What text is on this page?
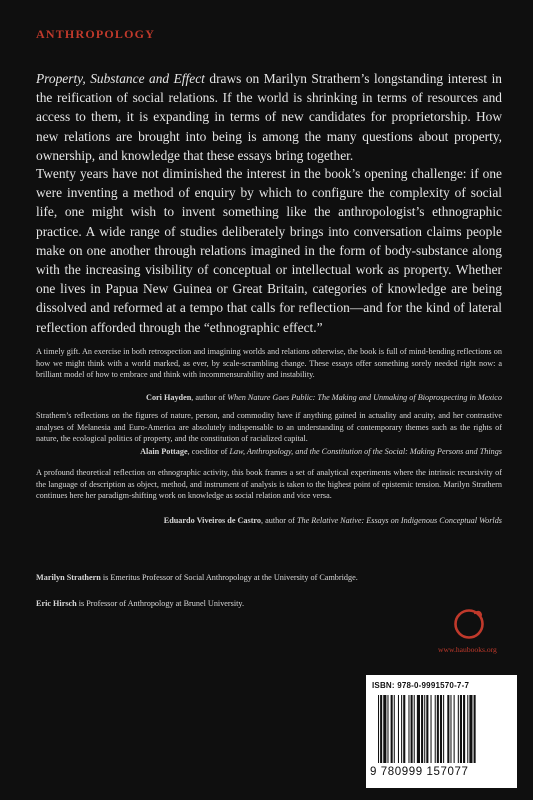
ANTHROPOLOGY

Property, Substance and Effect draws on Marilyn Strathern’s longstanding interest in the reification of social relations. If the world is shrinking in terms of resources and access to them, it is expanding in terms of new candidates for proprietorship. How new relations are brought into being is among the many questions about property, ownership, and knowledge that these essays bring together.

Twenty years have not diminished the interest in the book’s opening challenge: if one were inventing a method of enquiry by which to configure the complexity of social life, one might wish to invent something like the anthropologist’s ethnographic practice. A wide range of studies deliberately brings into conversation claims people make on one another through relations imagined in the form of body-substance along with the increasing visibility of conceptual or intellectual work as property. Whether one lives in Papua New Guinea or Great Britain, categories of knowledge are being dissolved and reformed at a tempo that calls for reflection—and for the kind of lateral reflection afforded through the “ethnographic effect.”

A timely gift. An exercise in both retrospection and imagining worlds and relations otherwise, the book is full of mind-bending reflections on how we might think with a world marked, as ever, by scale-scrambling change. These essays offer something sorely needed right now: a brilliant model of how to embrace and think with incommensurability and instability.

Cori Hayden, author of When Nature Goes Public: The Making and Unmaking of Bioprospecting in Mexico

Strathern’s reflections on the figures of nature, person, and commodity have if anything gained in actuality and acuity, and her contrastive analyses of Melanesia and Euro-America are absolutely indispensable to an understanding of contemporary themes such as the rights of nature, the ecological politics of property, and the constitution of racialized capital.

Alain Pottage, coeditor of Law, Anthropology, and the Constitution of the Social: Making Persons and Things

A profound theoretical reflection on ethnographic activity, this book frames a set of analytical experiments where the intrinsic recursivity of the language of description as object, method, and instrument of analysis is taken to the highest point of epistemic tension. Marilyn Strathern continues here her paradigm-shifting work on knowledge as social relation and vice versa.

Eduardo Viveiros de Castro, author of The Relative Native: Essays on Indigenous Conceptual Worlds

Marilyn Strathern is Emeritus Professor of Social Anthropology at the University of Cambridge.

Eric Hirsch is Professor of Anthropology at Brunel University.

www.haubooks.org

ISBN: 978-0-9991570-7-7

9 780999 157077
